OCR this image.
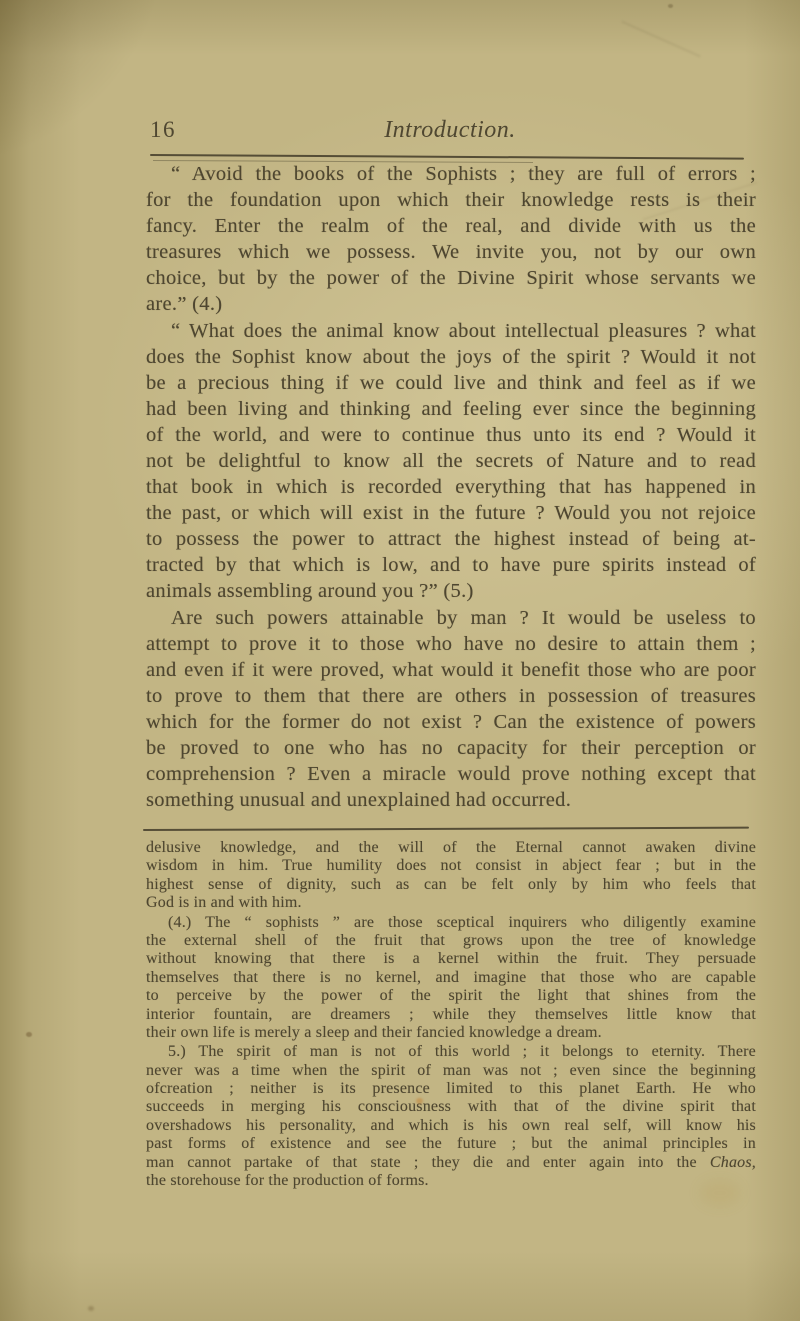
16	Introduction.
“ Avoid the books of the Sophists ; they are full of errors ;
for the foundation upon which their knowledge rests is their
fancy. Enter the realm of the real, and divide with us the
treasures which we possess. We invite you, not by our own
choice, but by the power of the Divine Spirit whose servants we
are.” (4.)
“ What does the animal know about intellectual pleasures ? what
does the Sophist know about the joys of the spirit ? Would it not
be a precious thing if we could live and think and feel as if we
had been living and thinking and feeling ever since the beginning
of the world, and were to continue thus unto its end ? Would it
not be delightful to know all the secrets of Nature and to read
that book in which is recorded everything that has happened in
the past, or which will exist in the future ? Would you not rejoice
to possess the power to attract the highest instead of being at-
tracted by that which is low, and to have pure spirits instead of
animals assembling around you ?” (5.)
Are such powers attainable by man ? It would be useless to
attempt to prove it to those who have no desire to attain them ;
and even if it were proved, what would it benefit those who are poor
to prove to them that there are others in possession of treasures
which for the former do not exist ? Can the existence of powers
be proved to one who has no capacity for their perception or
comprehension ? Even a miracle would prove nothing except that
something unusual and unexplained had occurred.
delusive knowledge, and the will of the Eternal cannot awaken divine
wisdom in him. True humility does not consist in abject fear ; but in the
highest sense of dignity, such as can be felt only by him who feels that
God is in and with him.
(4.) The “ sophists ” are those sceptical inquirers who diligently examine
the external shell of the fruit that grows upon the tree of knowledge
without knowing that there is a kernel within the fruit. They persuade
themselves that there is no kernel, and imagine that those who are capable
to perceive by the power of the spirit the light that shines from the
interior fountain, are dreamers ; while they themselves little know that
their own life is merely a sleep and their fancied knowledge a dream.
5.) The spirit of man is not of this world ; it belongs to eternity. There
never was a time when the spirit of man was not ; even since the beginning
ofcreation ; neither is its presence limited to this planet Earth. He who
succeeds in merging his consciousness with that of the divine spirit that
overshadows his personality, and which is his own real self, will know his
past forms of existence and see the future ; but the animal principles in
man cannot partake of that state ; they die and enter again into the Chaos,
the storehouse for the production of forms.
